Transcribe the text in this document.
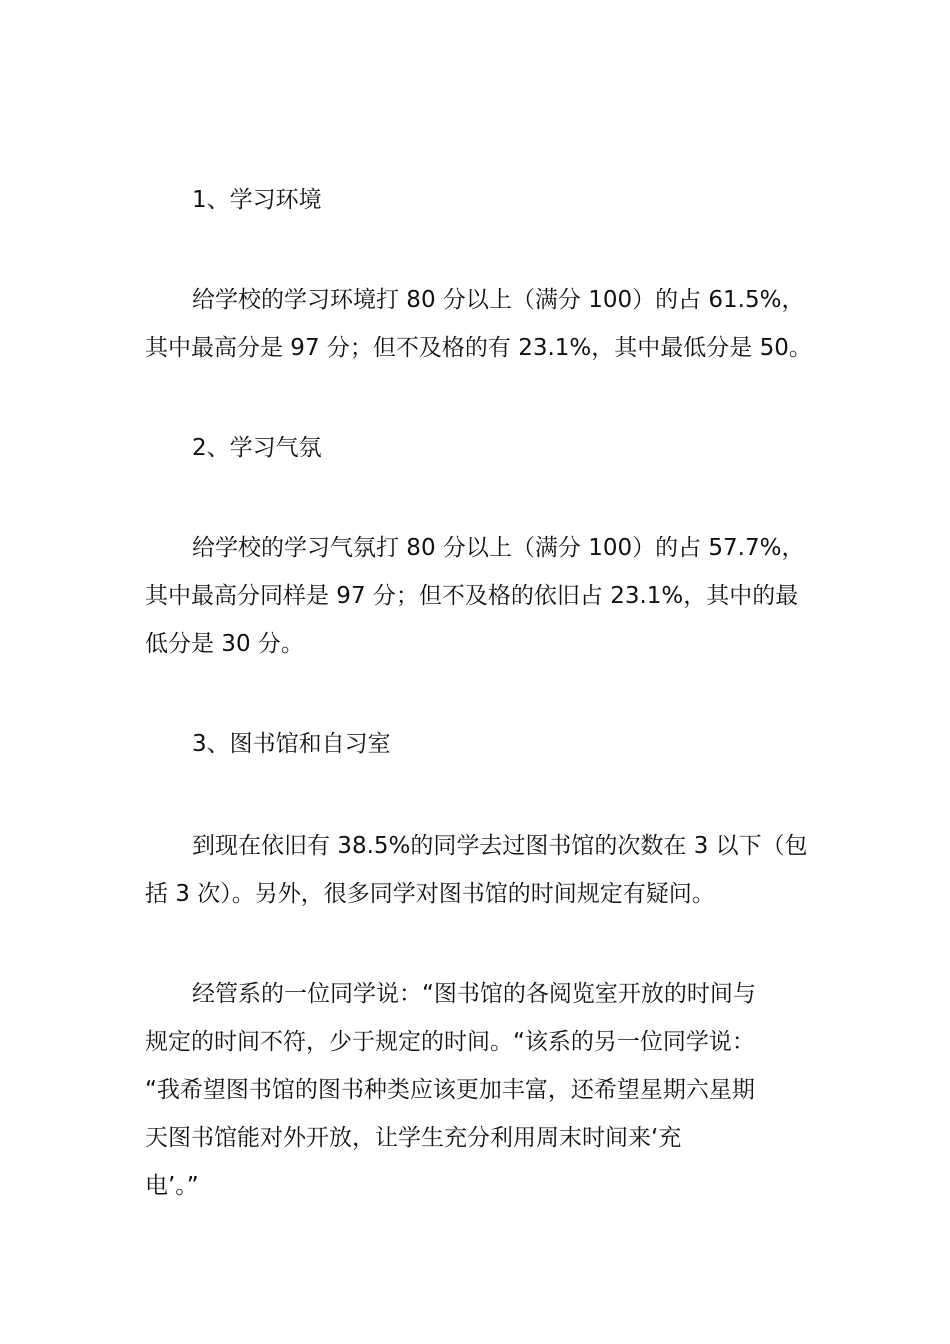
1、学习环境

给学校的学习环境打 80 分以上（满分 100）的占 61.5%，
其中最高分是 97 分；但不及格的有 23.1%，其中最低分是 50。

2、学习气氛

给学校的学习气氛打 80 分以上（满分 100）的占 57.7%，
其中最高分同样是 97 分；但不及格的依旧占 23.1%，其中的最
低分是 30 分。

3、图书馆和自习室

到现在依旧有 38.5%的同学去过图书馆的次数在 3 以下（包
括 3 次）。另外，很多同学对图书馆的时间规定有疑问。

经管系的一位同学说：“图书馆的各阅览室开放的时间与
规定的时间不符，少于规定的时间。“该系的另一位同学说：
“我希望图书馆的图书种类应该更加丰富，还希望星期六星期
天图书馆能对外开放，让学生充分利用周末时间来‘充
电’。”
